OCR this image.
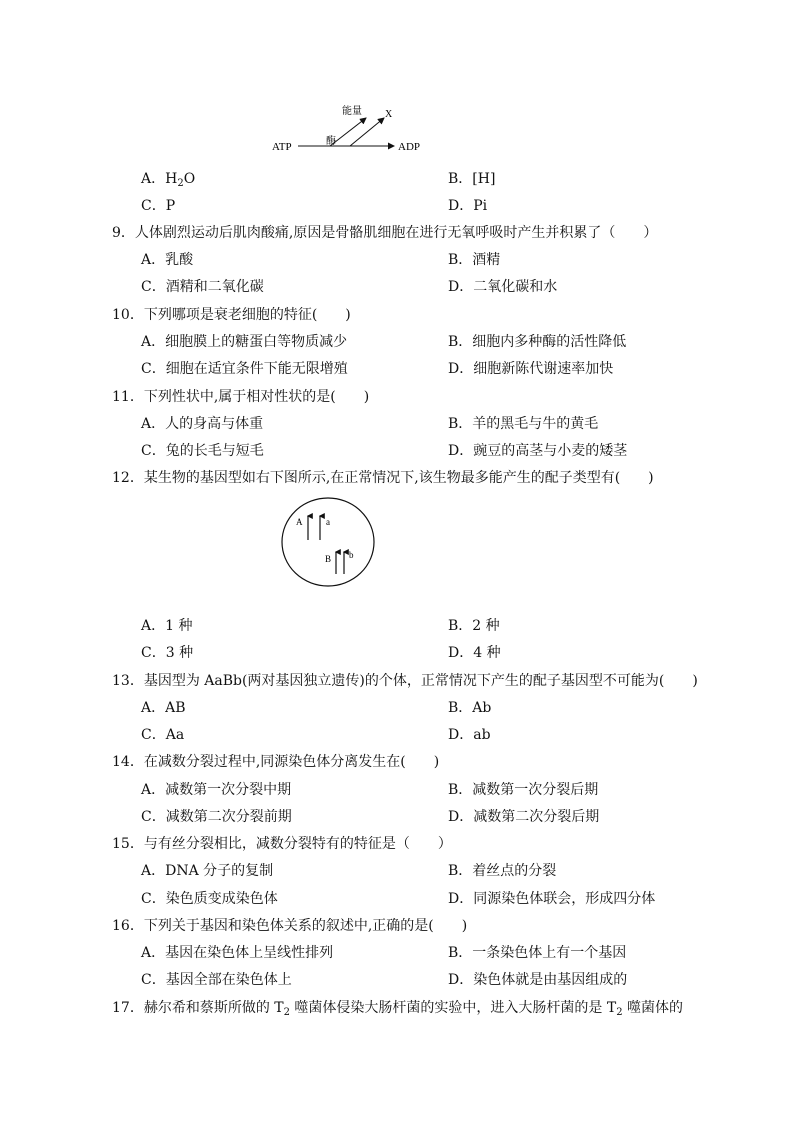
ATP	酶
能量 X
ADP
A．$H_2O$	B．[H]
C．P	D．Pi
9．人体剧烈运动后肌肉酸痛,原因是骨骼肌细胞在进行无氧呼吸时产生并积累了（　　）
A．乳酸	B．酒精
C．酒精和二氧化碳	D．二氧化碳和水
10．下列哪项是衰老细胞的特征(　　)
A．细胞膜上的糖蛋白等物质减少	B．细胞内多种酶的活性降低
C．细胞在适宜条件下能无限增殖	D．细胞新陈代谢速率加快
11．下列性状中,属于相对性状的是(　　)
A．人的身高与体重	B．羊的黑毛与牛的黄毛
C．兔的长毛与短毛	D．豌豆的高茎与小麦的矮茎
12．某生物的基因型如右下图所示,在正常情况下,该生物最多能产生的配子类型有(　　)
A	a
B b
A．1 种	B．2 种
C．3 种	D．4 种
13．基因型为 AaBb(两对基因独立遗传)的个体，正常情况下产生的配子基因型不可能为(　　)
A．AB	B．Ab
C．Aa	D．ab
14．在减数分裂过程中,同源染色体分离发生在(　　)
A．减数第一次分裂中期	B．减数第一次分裂后期
C．减数第二次分裂前期	D．减数第二次分裂后期
15．与有丝分裂相比，减数分裂特有的特征是（　　）
A．DNA 分子的复制	B．着丝点的分裂
C．染色质变成染色体	D．同源染色体联会，形成四分体
16．下列关于基因和染色体关系的叙述中,正确的是(　　)
A．基因在染色体上呈线性排列	B．一条染色体上有一个基因
C．基因全部在染色体上	D．染色体就是由基因组成的
17．赫尔希和蔡斯所做的 $T_2$ 噬菌体侵染大肠杆菌的实验中，进入大肠杆菌的是 $T_2$ 噬菌体的
